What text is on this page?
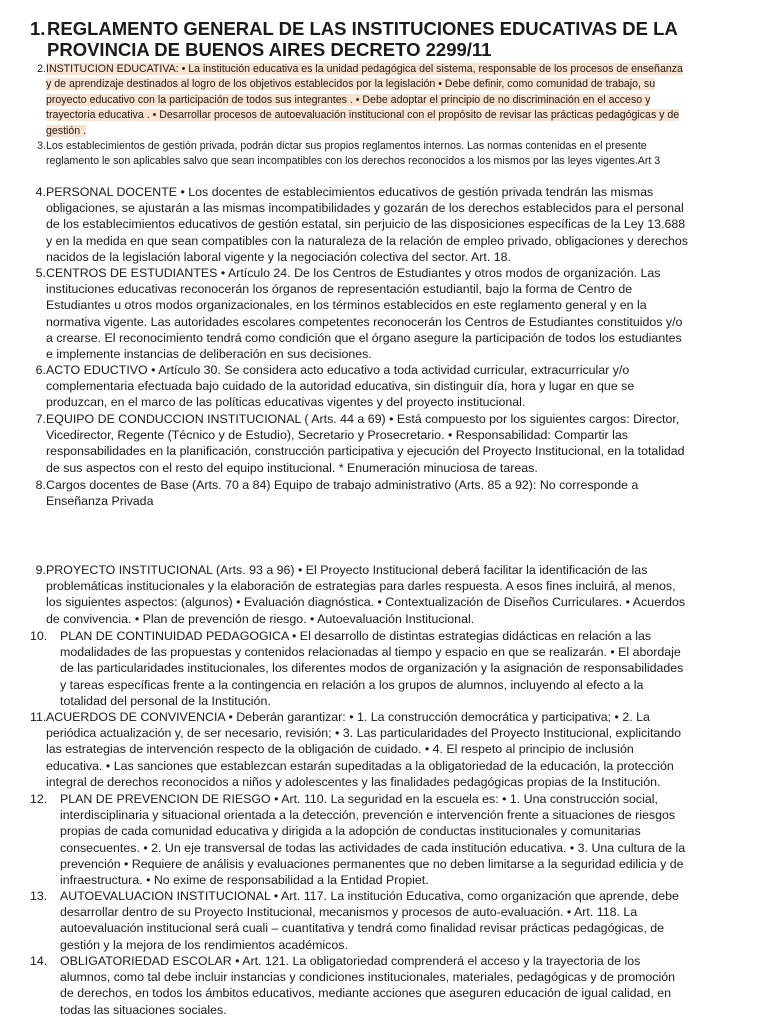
1. REGLAMENTO GENERAL DE LAS INSTITUCIONES EDUCATIVAS DE LA PROVINCIA DE BUENOS AIRES DECRETO 2299/11
2. INSTITUCION EDUCATIVA: • La institución educativa es la unidad pedagógica del sistema, responsable de los procesos de enseñanza y de aprendizaje destinados al logro de los objetivos establecidos por la legislación • Debe definir, como comunidad de trabajo, su proyecto educativo con la participación de todos sus integrantes . • Debe adoptar el principio de no discriminación en el acceso y trayectoria educativa . • Desarrollar procesos de autoevaluación institucional con el propósito de revisar las prácticas pedagógicas y de gestión .
3. Los establecimientos de gestión privada, podrán dictar sus propios reglamentos internos. Las normas contenidas en el presente reglamento le son aplicables salvo que sean incompatibles con los derechos reconocidos a los mismos por las leyes vigentes.Art 3
4. PERSONAL DOCENTE • Los docentes de establecimientos educativos de gestión privada tendrán las mismas obligaciones, se ajustarán a las mismas incompatibilidades y gozarán de los derechos establecidos para el personal de los establecimientos educativos de gestión estatal, sin perjuicio de las disposiciones específicas de la Ley 13.688 y en la medida en que sean compatibles con la naturaleza de la relación de empleo privado, obligaciones y derechos nacidos de la legislación laboral vigente y la negociación colectiva del sector. Art. 18.
5. CENTROS DE ESTUDIANTES • Artículo 24. De los Centros de Estudiantes y otros modos de organización. Las instituciones educativas reconocerán los órganos de representación estudiantil, bajo la forma de Centro de Estudiantes u otros modos organizacionales, en los términos establecidos en este reglamento general y en la normativa vigente. Las autoridades escolares competentes reconocerán los Centros de Estudiantes constituidos y/o a crearse. El reconocimiento tendrá como condición que el órgano asegure la participación de todos los estudiantes e implemente instancias de deliberación en sus decisiones.
6. ACTO EDUCTIVO • Artículo 30. Se considera acto educativo a toda actividad curricular, extracurricular y/o complementaria efectuada bajo cuidado de la autoridad educativa, sin distinguir día, hora y lugar en que se produzcan, en el marco de las políticas educativas vigentes y del proyecto institucional.
7. EQUIPO DE CONDUCCION INSTITUCIONAL ( Arts. 44 a 69) • Está compuesto por los siguientes cargos: Director, Vicedirector, Regente (Técnico y de Estudio), Secretario y Prosecretario. • Responsabilidad: Compartir las responsabilidades en la planificación, construcción participativa y ejecución del Proyecto Institucional, en la totalidad de sus aspectos con el resto del equipo institucional. * Enumeración minuciosa de tareas.
8. Cargos docentes de Base (Arts. 70 a 84) Equipo de trabajo administrativo (Arts. 85 a 92): No corresponde a Enseñanza Privada
9. PROYECTO INSTITUCIONAL (Arts. 93 a 96) • El Proyecto Institucional deberá facilitar la identificación de las problemáticas institucionales y la elaboración de estrategias para darles respuesta. A esos fines incluirá, al menos, los siguientes aspectos: (algunos) • Evaluación diagnóstica. • Contextualización de Diseños Curriculares. • Acuerdos de convivencia. • Plan de prevención de riesgo. • Autoevaluación Institucional.
10.	PLAN DE CONTINUIDAD PEDAGOGICA • El desarrollo de distintas estrategias didácticas en relación a las modalidades de las propuestas y contenidos relacionadas al tiempo y espacio en que se realizarán. • El abordaje de las particularidades institucionales, los diferentes modos de organización y la asignación de responsabilidades y tareas específicas frente a la contingencia en relación a los grupos de alumnos, incluyendo al efecto a la totalidad del personal de la Institución.
11. ACUERDOS DE CONVIVENCIA • Deberán garantizar: • 1. La construcción democrática y participativa; • 2. La periódica actualización y, de ser necesario, revisión; • 3. Las particularidades del Proyecto Institucional, explicitando las estrategias de intervención respecto de la obligación de cuidado. • 4. El respeto al principio de inclusión educativa. • Las sanciones que establezcan estarán supeditadas a la obligatoriedad de la educación, la protección integral de derechos reconocidos a niños y adolescentes y las finalidades pedagógicas propias de la Institución.
12.	PLAN DE PREVENCION DE RIESGO • Art. 110. La seguridad en la escuela es: • 1. Una construcción social, interdisciplinaria y situacional orientada a la detección, prevención e intervención frente a situaciones de riesgos propias de cada comunidad educativa y dirigida a la adopción de conductas institucionales y comunitarias consecuentes. • 2. Un eje transversal de todas las actividades de cada institución educativa. • 3. Una cultura de la prevención • Requiere de análisis y evaluaciones permanentes que no deben limitarse a la seguridad edilicia y de infraestructura. • No exime de responsabilidad a la Entidad Propiet.
13.	AUTOEVALUACION INSTITUCIONAL • Art. 117. La institución Educativa, como organización que aprende, debe desarrollar dentro de su Proyecto Institucional, mecanismos y procesos de auto-evaluación. • Art. 118. La autoevaluación institucional será cuali – cuantitativa y tendrá como finalidad revisar prácticas pedagógicas, de gestión y la mejora de los rendimientos académicos.
14.	OBLIGATORIEDAD ESCOLAR • Art. 121. La obligatoriedad comprenderá el acceso y la trayectoria de los alumnos, como tal debe incluir instancias y condiciones institucionales, materiales, pedagógicas y de promoción de derechos, en todos los ámbitos educativos, mediante acciones que aseguren educación de igual calidad, en todas las situaciones sociales.
